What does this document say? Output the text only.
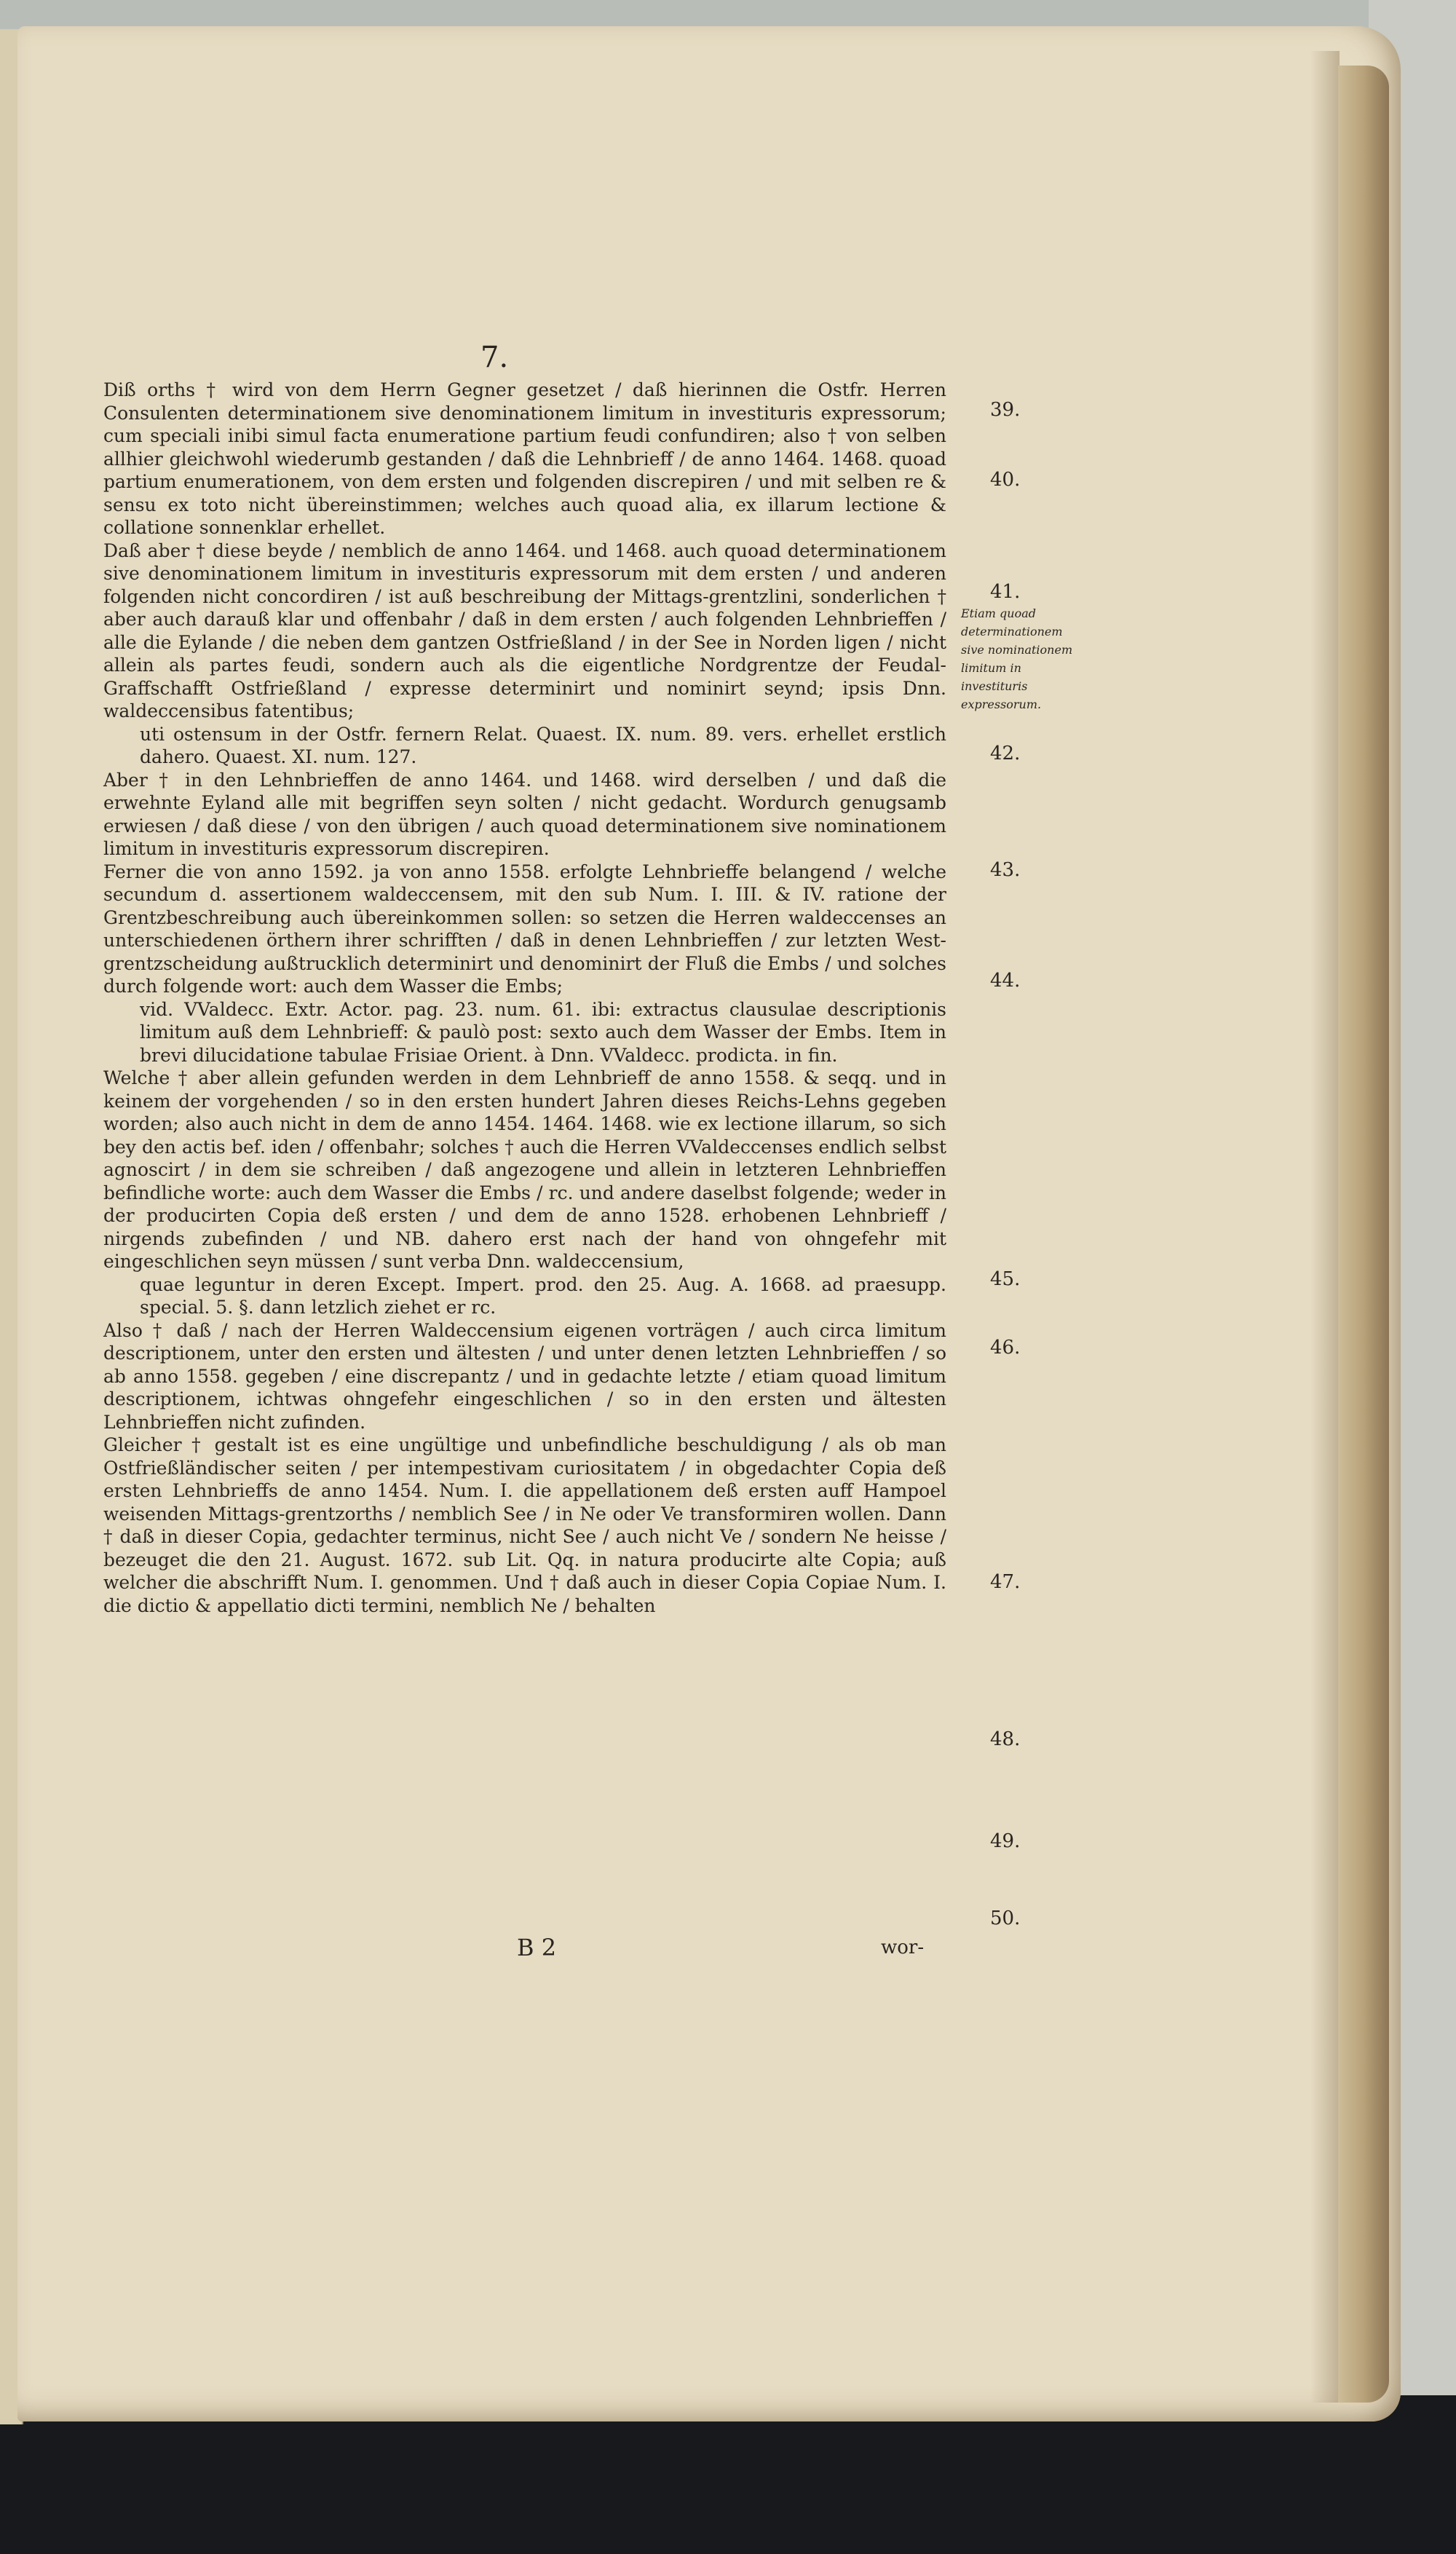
7.

Diß orths † wird von dem Herrn Gegner gesetzet / daß hierinnen die Ostfr. Herren Consulenten determinationem sive denominationem limitum in investituris expressorum; cum speciali inibi simul facta enumeratione partium feudi confundiren; also † von selben allhier gleichwohl wiederumb gestanden / daß die Lehnbrieff / de anno 1464. 1468. quoad partium enumerationem, von dem ersten und folgenden discrepiren / und mit selben re & sensu ex toto nicht übereinstimmen; welches auch quoad alia, ex illarum lectione & collatione sonnenklar erhellet.

Daß aber † diese beyde / nemblich de anno 1464. und 1468. auch quoad determinationem sive denominationem limitum in investituris expressorum mit dem ersten / und anderen folgenden nicht concordiren / ist auß beschreibung der Mittags-grentzlini, sonderlichen † aber auch darauß klar und offenbahr / daß in dem ersten / auch folgenden Lehnbrieffen / alle die Eylande / die neben dem gantzen Ostfrießland / in der See in Norden ligen / nicht allein als partes feudi, sondern auch als die eigentliche Nordgrentze der Feudal-Graffschafft Ostfrießland / expresse determinirt und nominirt seynd; ipsis Dnn. waldeccensibus fatentibus;

uti ostensum in der Ostfr. fernern Relat. Quaest. IX. num. 89. vers. erhellet erstlich dahero. Quaest. XI. num. 127.

Aber † in den Lehnbrieffen de anno 1464. und 1468. wird derselben / und daß die erwehnte Eyland alle mit begriffen seyn solten / nicht gedacht. Wordurch genugsamb erwiesen / daß diese / von den übrigen / auch quoad determinationem sive nominationem limitum in investituris expressorum discrepiren.

Ferner die von anno 1592. ja von anno 1558. erfolgte Lehnbrieffe belangend / welche secundum d. assertionem waldeccensem, mit den sub Num. I. III. & IV. ratione der Grentzbeschreibung auch übereinkommen sollen: so setzen die Herren waldeccenses an unterschiedenen örthern ihrer schrifften / daß in denen Lehnbrieffen / zur letzten West-grentzscheidung außtrucklich determinirt und denominirt der Fluß die Embs / und solches durch folgende wort: auch dem Wasser die Embs;

vid. VValdecc. Extr. Actor. pag. 23. num. 61. ibi: extractus clausulae descriptionis limitum auß dem Lehnbrieff: & paulò post: sexto auch dem Wasser der Embs. Item in brevi dilucidatione tabulae Frisiae Orient. à Dnn. VValdecc. prodicta. in fin.

Welche † aber allein gefunden werden in dem Lehnbrieff de anno 1558. & seqq. und in keinem der vorgehenden / so in den ersten hundert Jahren dieses Reichs-Lehns gegeben worden; also auch nicht in dem de anno 1454. 1464. 1468. wie ex lectione illarum, so sich bey den actis bef. iden / offenbahr; solches † auch die Herren VValdeccenses endlich selbst agnoscirt / in dem sie schreiben / daß angezogene und allein in letzteren Lehnbrieffen befindliche worte: auch dem Wasser die Embs / rc. und andere daselbst folgende; weder in der producirten Copia deß ersten / und dem de anno 1528. erhobenen Lehnbrieff / nirgends zubefinden / und NB. dahero erst nach der hand von ohngefehr mit eingeschlichen seyn müssen / sunt verba Dnn. waldeccensium,

quae leguntur in deren Except. Impert. prod. den 25. Aug. A. 1668. ad praesupp. special. 5. §. dann letzlich ziehet er rc.

Also † daß / nach der Herren Waldeccensium eigenen vorträgen / auch circa limitum descriptionem, unter den ersten und ältesten / und unter denen letzten Lehnbrieffen / so ab anno 1558. gegeben / eine discrepantz / und in gedachte letzte / etiam quoad limitum descriptionem, ichtwas ohngefehr eingeschlichen / so in den ersten und ältesten Lehnbrieffen nicht zufinden.

Gleicher † gestalt ist es eine ungültige und unbefindliche beschuldigung / als ob man Ostfrießländischer seiten / per intempestivam curiositatem / in obgedachter Copia deß ersten Lehnbrieffs de anno 1454. Num. I. die appellationem deß ersten auff Hampoel weisenden Mittags-grentzorths / nemblich See / in Ne oder Ve transformiren wollen. Dann † daß in dieser Copia, gedachter terminus, nicht See / auch nicht Ve / sondern Ne heisse / bezeuget die den 21. August. 1672. sub Lit. Qq. in natura producirte alte Copia; auß welcher die abschrifft Num. I. genommen. Und † daß auch in dieser Copia Copiae Num. I. die dictio & appellatio dicti termini, nemblich Ne / behalten

39.
40.
41.
42.
43.
44.
45.
46.
47.
48.
49.
50.
Etiam quoad determinationem sive nominationem limitum in investituris expressorum.
B 2	wor-
